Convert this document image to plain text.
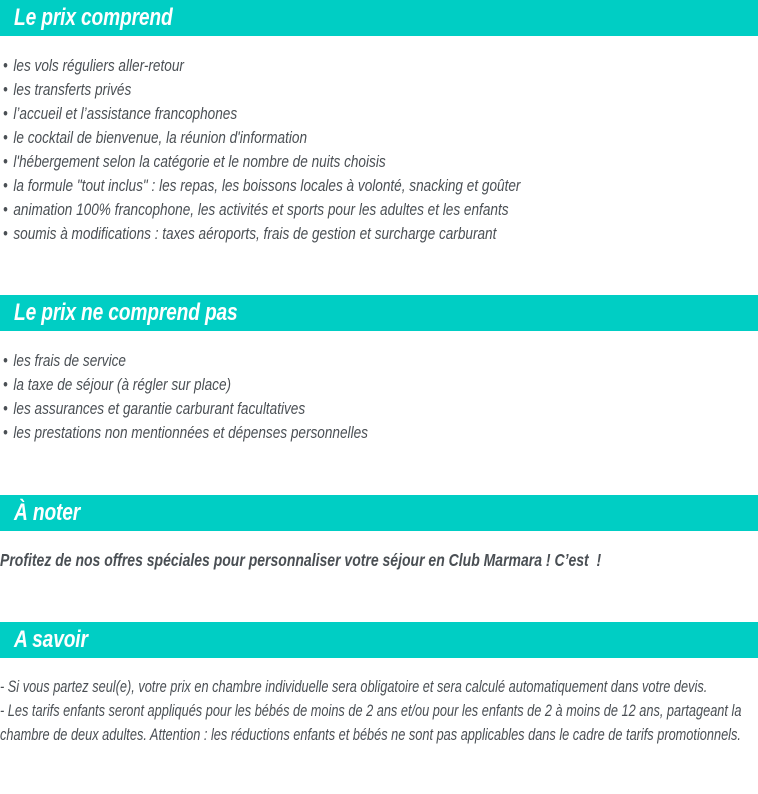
Le prix comprend
• les vols réguliers aller-retour
• les transferts privés
• l’accueil et l’assistance francophones
• le cocktail de bienvenue, la réunion d'information
• l'hébergement selon la catégorie et le nombre de nuits choisis
• la formule "tout inclus" : les repas, les boissons locales à volonté, snacking et goûter
• animation 100% francophone, les activités et sports pour les adultes et les enfants
• soumis à modifications : taxes aéroports, frais de gestion et surcharge carburant
Le prix ne comprend pas
• les frais de service
• la taxe de séjour (à régler sur place)
• les assurances et garantie carburant facultatives
• les prestations non mentionnées et dépenses personnelles
À noter
Profitez de nos offres spéciales pour personnaliser votre séjour en Club Marmara ! C’est  !
A savoir

- Si vous partez seul(e), votre prix en chambre individuelle sera obligatoire et sera calculé automatiquement dans votre devis.

- Les tarifs enfants seront appliqués pour les bébés de moins de 2 ans et/ou pour les enfants de 2 à moins de 12 ans, partageant la chambre de deux adultes. Attention : les réductions enfants et bébés ne sont pas applicables dans le cadre de tarifs promotionnels.
